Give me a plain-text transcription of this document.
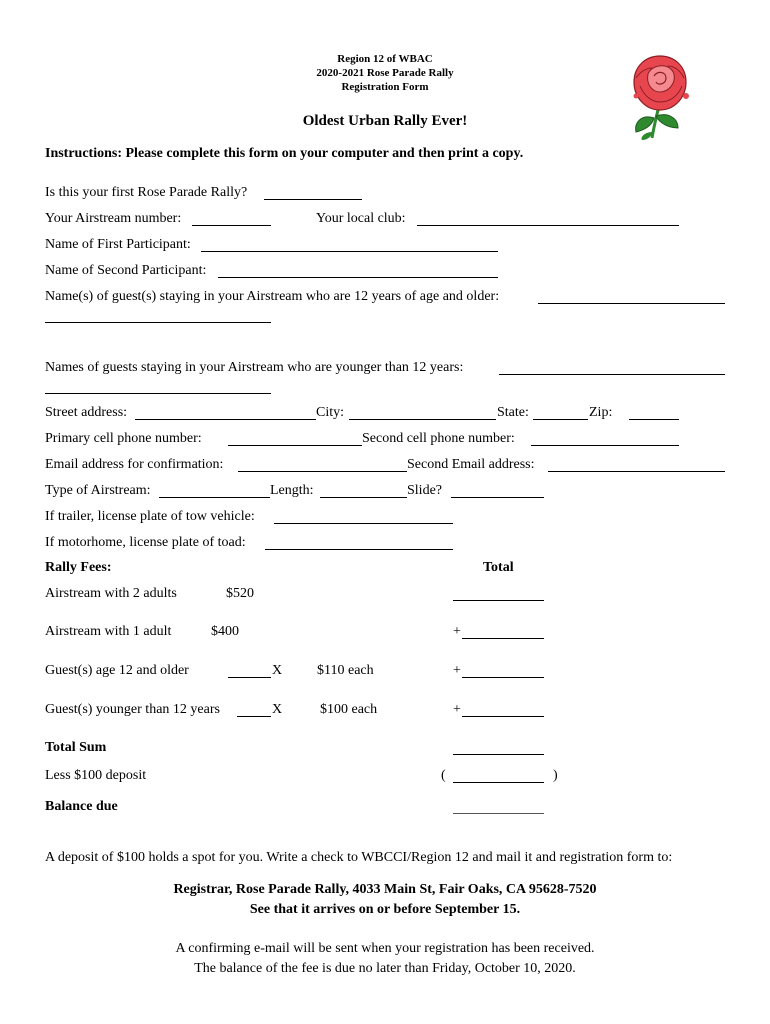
Region 12 of WBAC
2020-2021 Rose Parade Rally
Registration Form
Oldest Urban Rally Ever!
Instructions: Please complete this form on your computer and then print a copy.
Is this your first Rose Parade Rally?
Your Airstream number:	Your local club:
Name of First Participant:
Name of Second Participant:
Name(s) of guest(s) staying in your Airstream who are 12 years of age and older:
Names of guests staying in your Airstream who are younger than 12 years:
Street address:	City:	State:	Zip:
Primary cell phone number:	Second cell phone number:
Email address for confirmation:	Second Email address:
Type of Airstream:	Length:	Slide?
If trailer, license plate of tow vehicle:
If motorhome, license plate of toad:
Rally Fees:	Total
Airstream with 2 adults	$520
Airstream with 1 adult	$400	+
Guest(s) age 12 and older	X $110 each	+
Guest(s) younger than 12 years	X	$100 each	+
Total Sum
Less $100 deposit	(	)
Balance due
A deposit of $100 holds a spot for you. Write a check to WBCCI/Region 12 and mail it and registration form to:
Registrar, Rose Parade Rally, 4033 Main St, Fair Oaks, CA 95628-7520
See that it arrives on or before September 15.
A confirming e-mail will be sent when your registration has been received.
The balance of the fee is due no later than Friday, October 10, 2020.
